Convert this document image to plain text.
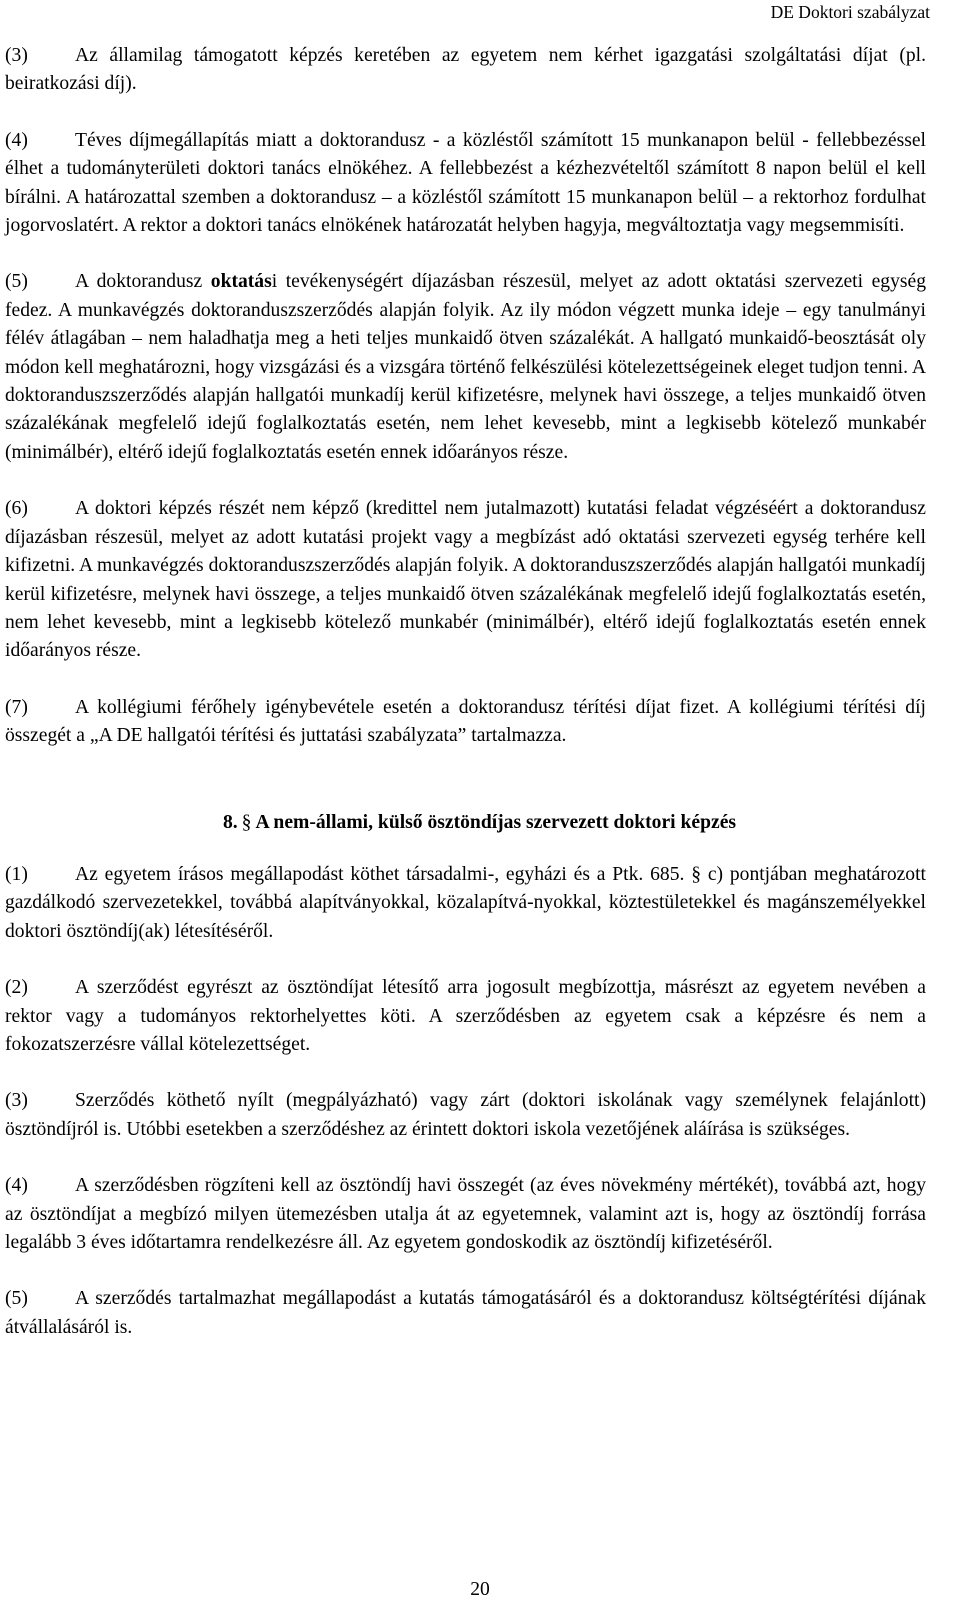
DE Doktori szabályzat

(3) Az államilag támogatott képzés keretében az egyetem nem kérhet igazgatási szolgáltatási díjat (pl. beiratkozási díj).

(4) Téves díjmegállapítás miatt a doktorandusz - a közléstől számított 15 munkanapon belül - fellebbezéssel élhet a tudományterületi doktori tanács elnökéhez. A fellebbezést a kézhezvételtől számított 8 napon belül el kell bírálni. A határozattal szemben a doktorandusz – a közléstől számított 15 munkanapon belül – a rektorhoz fordulhat jogorvoslatért. A rektor a doktori tanács elnökének határozatát helyben hagyja, megváltoztatja vagy megsemmisíti.

(5) A doktorandusz oktatási tevékenységért díjazásban részesül, melyet az adott oktatási szervezeti egység fedez. A munkavégzés doktoranduszszerződés alapján folyik. Az ily módon végzett munka ideje – egy tanulmányi félév átlagában – nem haladhatja meg a heti teljes munkaidő ötven százalékát. A hallgató munkaidő-beosztását oly módon kell meghatározni, hogy vizsgázási és a vizsgára történő felkészülési kötelezettségeinek eleget tudjon tenni. A doktoranduszszerződés alapján hallgatói munkadíj kerül kifizetésre, melynek havi összege, a teljes munkaidő ötven százalékának megfelelő idejű foglalkoztatás esetén, nem lehet kevesebb, mint a legkisebb kötelező munkabér (minimálbér), eltérő idejű foglalkoztatás esetén ennek időarányos része.

(6) A doktori képzés részét nem képző (kredittel nem jutalmazott) kutatási feladat végzéséért a doktorandusz díjazásban részesül, melyet az adott kutatási projekt vagy a megbízást adó oktatási szervezeti egység terhére kell kifizetni. A munkavégzés doktoranduszszerződés alapján folyik. A doktoranduszszerződés alapján hallgatói munkadíj kerül kifizetésre, melynek havi összege, a teljes munkaidő ötven százalékának megfelelő idejű foglalkoztatás esetén, nem lehet kevesebb, mint a legkisebb kötelező munkabér (minimálbér), eltérő idejű foglalkoztatás esetén ennek időarányos része.

(7) A kollégiumi férőhely igénybevétele esetén a doktorandusz térítési díjat fizet. A kollégiumi térítési díj összegét a „A DE hallgatói térítési és juttatási szabályzata” tartalmazza.

8. § A nem-állami, külső ösztöndíjas szervezett doktori képzés

(1) Az egyetem írásos megállapodást köthet társadalmi-, egyházi és a Ptk. 685. § c) pontjában meghatározott gazdálkodó szervezetekkel, továbbá alapítványokkal, közalapítvá-nyokkal, köztestületekkel és magánszemélyekkel doktori ösztöndíj(ak) létesítéséről.

(2) A szerződést egyrészt az ösztöndíjat létesítő arra jogosult megbízottja, másrészt az egyetem nevében a rektor vagy a tudományos rektorhelyettes köti. A szerződésben az egyetem csak a képzésre és nem a fokozatszerzésre vállal kötelezettséget.

(3) Szerződés köthető nyílt (megpályázható) vagy zárt (doktori iskolának vagy személynek felajánlott) ösztöndíjról is. Utóbbi esetekben a szerződéshez az érintett doktori iskola vezetőjének aláírása is szükséges.

(4) A szerződésben rögzíteni kell az ösztöndíj havi összegét (az éves növekmény mértékét), továbbá azt, hogy az ösztöndíjat a megbízó milyen ütemezésben utalja át az egyetemnek, valamint azt is, hogy az ösztöndíj forrása legalább 3 éves időtartamra rendelkezésre áll. Az egyetem gondoskodik az ösztöndíj kifizetéséről.

(5) A szerződés tartalmazhat megállapodást a kutatás támogatásáról és a doktorandusz költségtérítési díjának átvállalásáról is.

20
